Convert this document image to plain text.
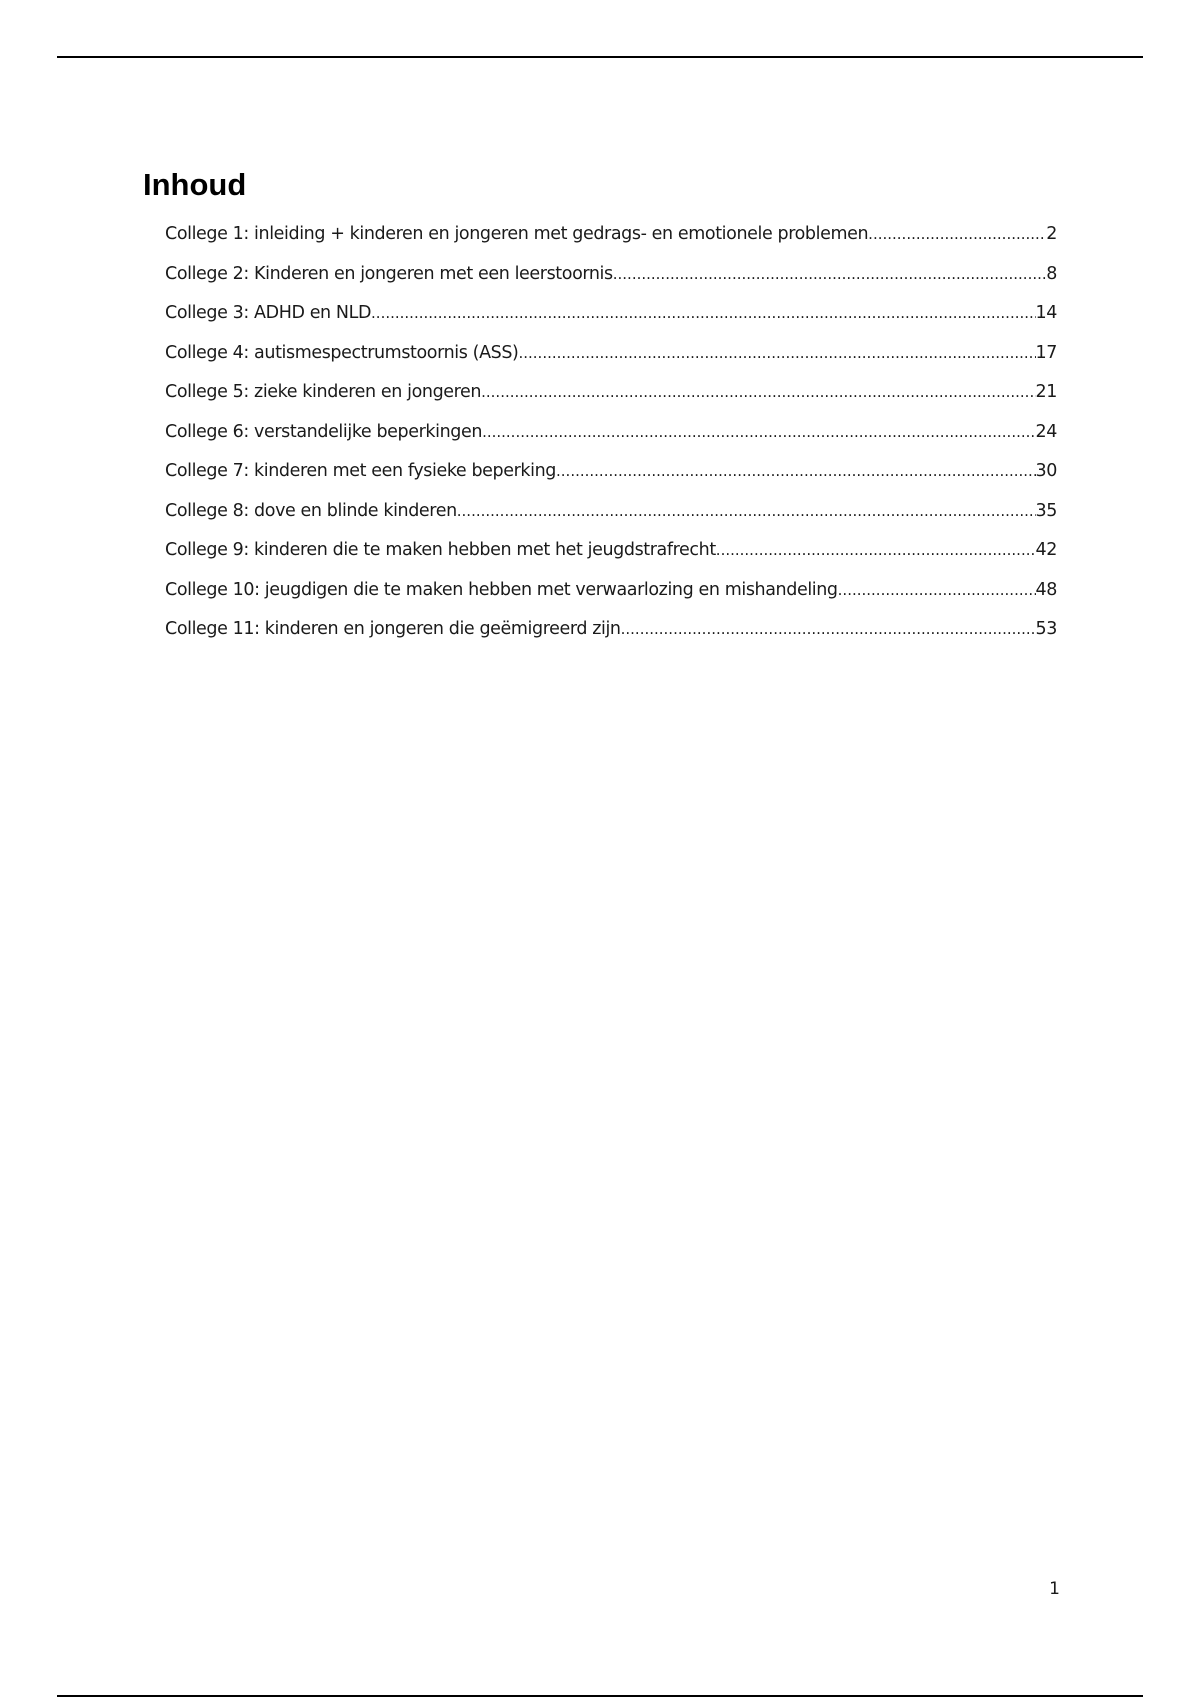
Inhoud
College 1: inleiding + kinderen en jongeren met gedrags- en emotionele problemen .....	2
College 2: Kinderen en jongeren met een leerstoornis .....	8
College 3: ADHD en NLD .....	14
College 4: autismespectrumstoornis (ASS) .....	17
College 5: zieke kinderen en jongeren .....	21
College 6: verstandelijke beperkingen .....	24
College 7: kinderen met een fysieke beperking .....	30
College 8: dove en blinde kinderen .....	35
College 9: kinderen die te maken hebben met het jeugdstrafrecht .....	42
College 10: jeugdigen die te maken hebben met verwaarlozing en mishandeling .....	48
College 11: kinderen en jongeren die geëmigreerd zijn .....	53
1
